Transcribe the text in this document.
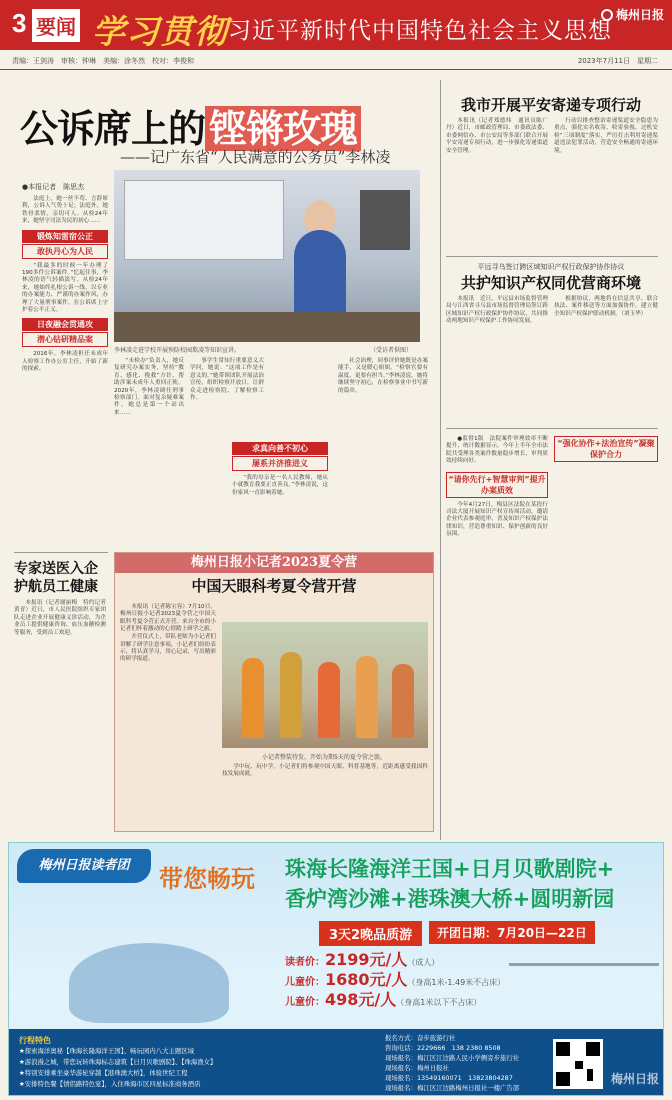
3 要闻 学习贯彻 习近平新时代中国特色社会主义思想
梅州日报
责编：王剑涛　审核：钟琳　美编：涂冬然　校对：李俊和	2023年7月11日　星期二
公诉席上的 铿锵玫瑰
——记广东省“人民满意的公务员”李林凌
●本报记者　陈思杰

法庭上，她一丝不苟、言辞犀利，公诉人气势十足；法庭外，她铁骨柔情，亲切可人。从检24年来，她坚守司法为民的初心……

锻炼知雷宿公正
敢执丹心为人民

“我最多的时候一年办理了190多件公诉案件。”忆起往事，李林凌的语气轻描淡写。从检24年来，她始终扎根公诉一线，以专业的办案能力、严谨的办案作风，办理了大量刑事案件，在公诉席上守护着公平正义。

日夜融会贯通攻
潜心钻研精品案

2016年，李林凌担任未成年人检察工作办公室主任，开始了新的探索。

李林凌走进学校开展预防校园欺凌等知识宣讲。	（受访者供图）

“未检办”负责人，她反复研究办案实务，坚持“教育、感化、挽救”方针，帮助涉案未成年人重回正轨。2020年，李林凌调任刑事检察部门。面对复杂疑难案件，她总是第一个站出来……

事学生常知行重要意义大学问，她说：“这项工作是有意义的。”她带领团队开展法治宣传，组织检察开放日，让群众走进检察院、了解检察工作。

求真向善不初心
屡系并济推进义

“我的母亲是一名人民教师，她从小就教育我要正直善良。”李林凌说，这份家风一直影响着她。

社会治理，同事评价她既是办案能手，又是暖心姐姐。“检察官要有温度，更要有担当。”李林凌说，她将继续坚守初心，在检察事业中书写新的篇章。

我市开展平安寄递专项行动

本报讯（记者郑德炜　通讯员陈广丹）近日，市邮政管理局、市委政法委、市委网信办、市公安局等多部门联合开展平安寄递专项行动，进一步强化寄递渠道安全管理。

行动以排查整治寄递渠道安全隐患为重点，强化实名收寄、收寄验视、过机安检“三项制度”落实，严厉打击利用寄递渠道违法犯罪活动，营造安全畅通的寄递环境。

平远寻乌签订跨区域知识产权行政保护协作协议
共护知识产权同优营商环境

本报讯　近日，平远县市场监督管理局与江西省寻乌县市场监督管理局签订跨区域知识产权行政保护协作协议，共同推动两地知识产权保护工作协同发展。

根据协议，两地将在信息共享、联合执法、案件移送等方面加强协作，建立健全知识产权保护联动机制。（刘玉华）

●监督1版　法院案件审理效率不断提升，统计数据显示，今年上半年全市法院共受理各类案件数量稳步增长，审判质效持续向好。

“请你先行+智慧审判”提升办案质效

今年4月27日，梅县区法院在某投行司法大厦开展知识产权宣传周活动，邀请企业代表参观庭审，普及知识产权保护法律知识，营造尊重知识、保护创新的良好氛围。

“强化协作+法治宣传”凝聚保护合力
专家送医入企 护航员工健康

本报讯（记者谢丽梅　特约记者黄青）近日，市人民医院组织专家团队走进企业开展健康义诊活动，为企业员工提供健康咨询、血压血糖检测等服务，受到员工欢迎。

梅州日报小记者2023夏令营
中国天眼科考夏令营开营

本报讯（记者陈宝容）7月10日，梅州日报小记者2023夏令营之中国天眼科考夏令营正式开营。来自全市的小记者们怀着激动的心情踏上研学之旅。

开营仪式上，带队老师为小记者们讲解了研学注意事项，小记者们纷纷表示，将认真学习，用心记录，写出精彩的研学报道。

小记者整装待发，开始为期5天的夏令营之旅。

学中玩、玩中学。小记者们将参观中国天眼、科普基地等，近距离感受我国科技发展成就。

梅州日报读者团	带您畅玩 珠海长隆海洋王国+日月贝歌剧院+
香炉湾沙滩+港珠澳大桥+圆明新园
3天2晚品质游	开团日期：7月20日—22日
读者价：2199元/人（成人）
儿童价：1680元/人（身高1米-1.49米不占床）
儿童价：498元/人（身高1米以下不占床）
行程特色
★探索海洋奥秘【珠海长隆海洋王国】、畅玩园内八大主题区域
★游浪漫之城，带您玩转珠海标志建筑【日月贝歌剧院】、【珠海渔女】
★特别安排乘坐豪华游轮穿越【港珠澳大桥】，体验世纪工程
★安排特色餐【情侣路特色宴】，入住珠海市区四星标准商务酒店
报名方式：奋步旅游行社
咨询电话：2229666　138 2380 8508
现场报名：梅江区江边路人民小学侧旁步旅行社
现场报名：梅州日报社
现场报名：13549160071　13823804287
现场报名：梅江区江边路梅州日报社一楼广告部
梅州日报
